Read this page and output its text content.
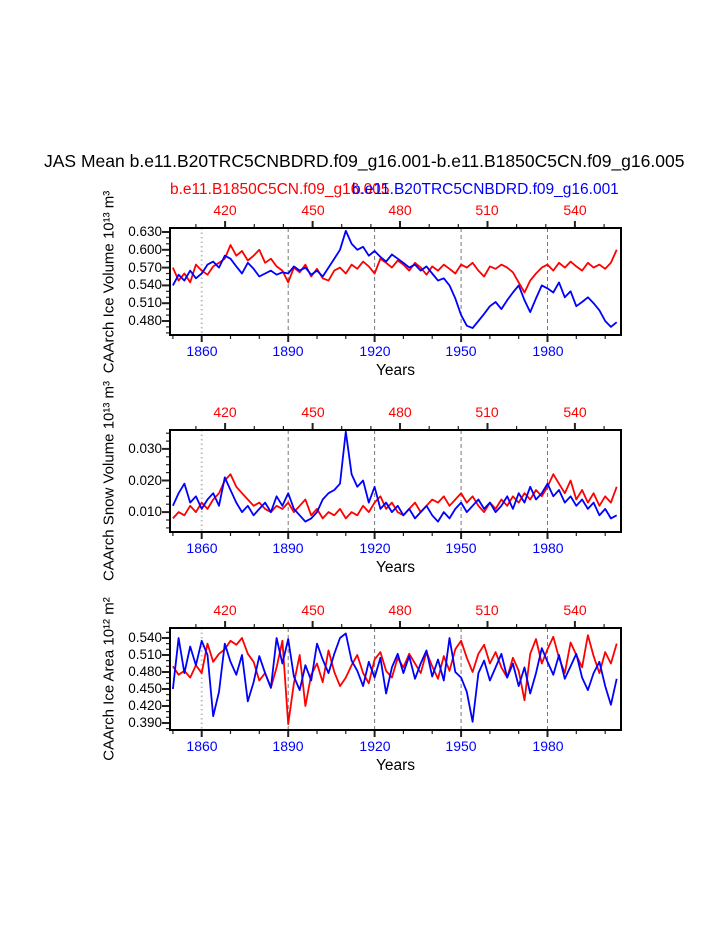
JAS Mean b.e11.B20TRC5CNBDRD.f09_g16.001-b.e11.B1850C5CN.f09_g16.005
b.e11.B1850C5CN.f09_g16.005
b.e11.B20TRC5CNBDRD.f09_g16.001
420	450	480	510	540
1860	1890	1920	1950	1980
0.480
0.510
0.540
0.570
0.600
0.630
Years
CAArch Ice Volume 10¹³ m³
420	450	480	510	540
1860	1890	1920	1950	1980
0.010
0.020
0.030
Years
CAArch Snow Volume 10¹³ m³
420	450	480	510	540
1860	1890	1920	1950	1980
0.390
0.420
0.450
0.480
0.510
0.540
Years
CAArch Ice Area 10¹² m²
